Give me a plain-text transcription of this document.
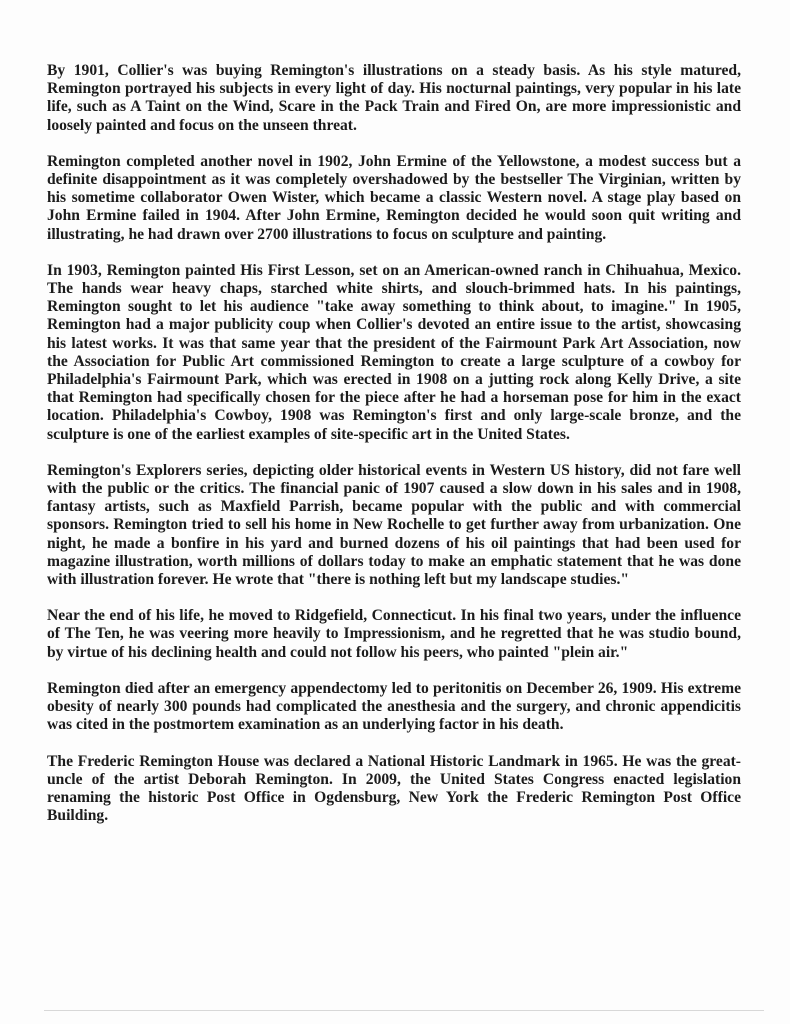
By 1901, Collier's was buying Remington's illustrations on a steady basis. As his style matured, Remington portrayed his subjects in every light of day. His nocturnal paintings, very popular in his late life, such as A Taint on the Wind, Scare in the Pack Train and Fired On, are more impressionistic and loosely painted and focus on the unseen threat.

Remington completed another novel in 1902, John Ermine of the Yellowstone, a modest success but a definite disappointment as it was completely overshadowed by the bestseller The Virginian, written by his sometime collaborator Owen Wister, which became a classic Western novel. A stage play based on John Ermine failed in 1904. After John Ermine, Remington decided he would soon quit writing and illustrating, he had drawn over 2700 illustrations to focus on sculpture and painting.

In 1903, Remington painted His First Lesson, set on an American-owned ranch in Chihuahua, Mexico. The hands wear heavy chaps, starched white shirts, and slouch-brimmed hats. In his paintings, Remington sought to let his audience "take away something to think about, to imagine." In 1905, Remington had a major publicity coup when Collier's devoted an entire issue to the artist, showcasing his latest works. It was that same year that the president of the Fairmount Park Art Association, now the Association for Public Art commissioned Remington to create a large sculpture of a cowboy for Philadelphia's Fairmount Park, which was erected in 1908 on a jutting rock along Kelly Drive, a site that Remington had specifically chosen for the piece after he had a horseman pose for him in the exact location. Philadelphia's Cowboy, 1908 was Remington's first and only large-scale bronze, and the sculpture is one of the earliest examples of site-specific art in the United States.

Remington's Explorers series, depicting older historical events in Western US history, did not fare well with the public or the critics. The financial panic of 1907 caused a slow down in his sales and in 1908, fantasy artists, such as Maxfield Parrish, became popular with the public and with commercial sponsors. Remington tried to sell his home in New Rochelle to get further away from urbanization. One night, he made a bonfire in his yard and burned dozens of his oil paintings that had been used for magazine illustration, worth millions of dollars today to make an emphatic statement that he was done with illustration forever. He wrote that "there is nothing left but my landscape studies."

Near the end of his life, he moved to Ridgefield, Connecticut. In his final two years, under the influence of The Ten, he was veering more heavily to Impressionism, and he regretted that he was studio bound, by virtue of his declining health and could not follow his peers, who painted "plein air."

Remington died after an emergency appendectomy led to peritonitis on December 26, 1909. His extreme obesity of nearly 300 pounds had complicated the anesthesia and the surgery, and chronic appendicitis was cited in the postmortem examination as an underlying factor in his death.

The Frederic Remington House was declared a National Historic Landmark in 1965. He was the great-uncle of the artist Deborah Remington. In 2009, the United States Congress enacted legislation renaming the historic Post Office in Ogdensburg, New York the Frederic Remington Post Office Building.
